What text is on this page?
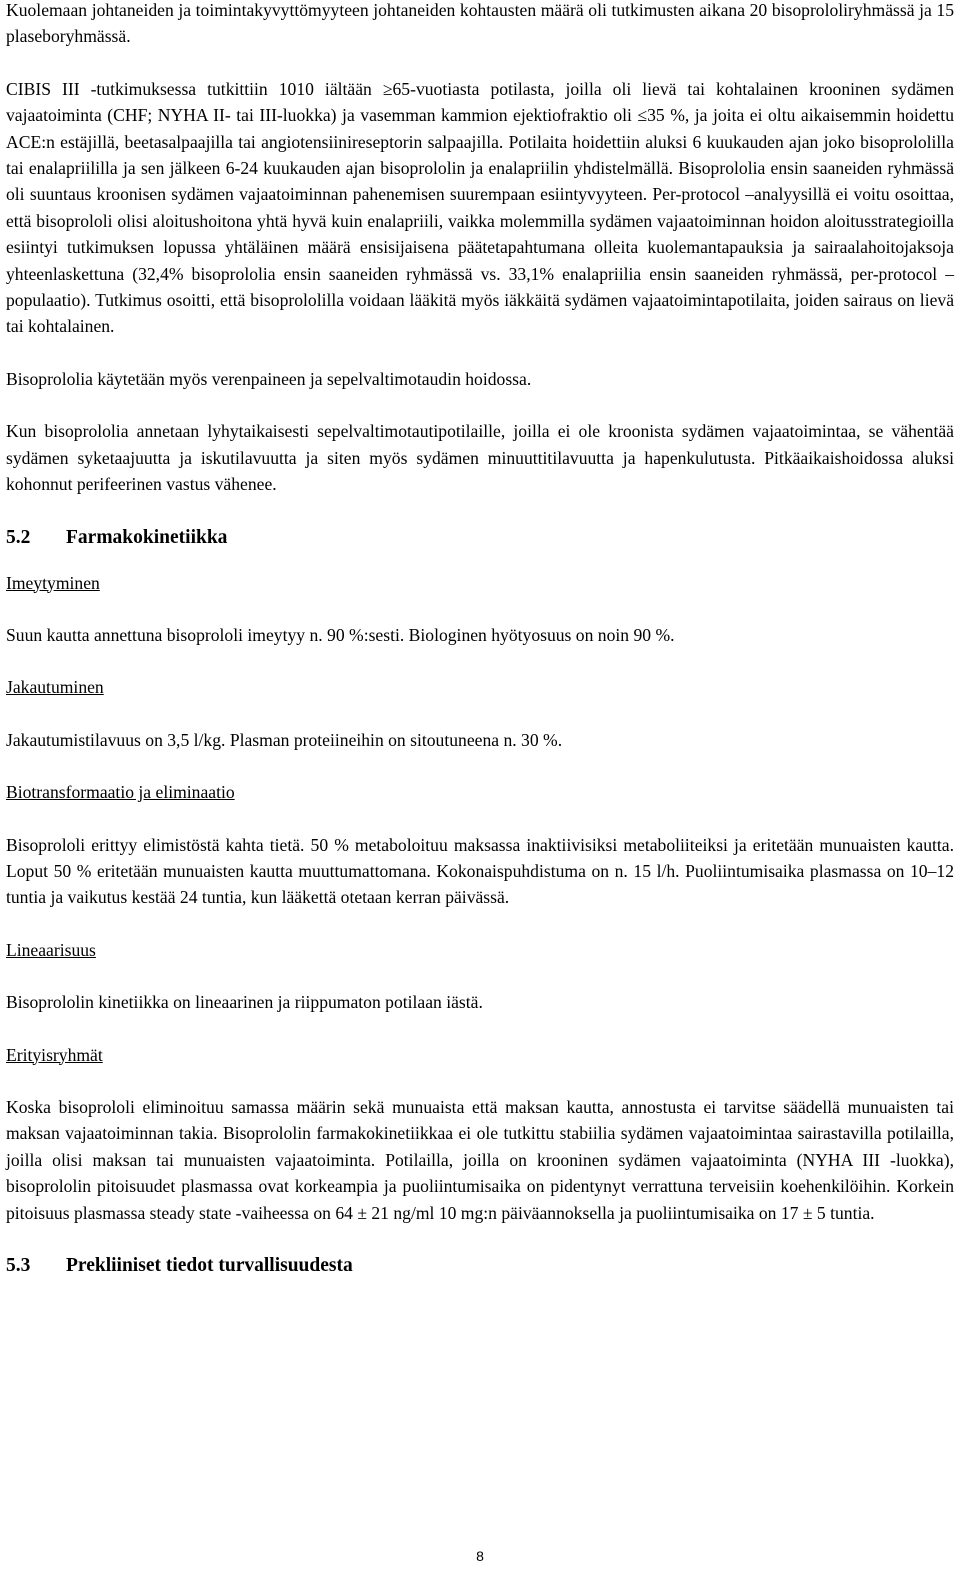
Kuolemaan johtaneiden ja toimintakyvyttömyyteen johtaneiden kohtausten määrä oli tutkimusten aikana 20 bisoprololiryhmässä ja 15 plaseboryhmässä.

CIBIS III -tutkimuksessa tutkittiin 1010 iältään ≥65-vuotiasta potilasta, joilla oli lievä tai kohtalainen krooninen sydämen vajaatoiminta (CHF; NYHA II- tai III-luokka) ja vasemman kammion ejektiofraktio oli ≤35 %, ja joita ei oltu aikaisemmin hoidettu ACE:n estäjillä, beetasalpaajilla tai angiotensiinireseptorin salpaajilla. Potilaita hoidettiin aluksi 6 kuukauden ajan joko bisoprololilla tai enalapriililla ja sen jälkeen 6-24 kuukauden ajan bisoprololin ja enalapriilin yhdistelmällä. Bisoprololia ensin saaneiden ryhmässä oli suuntaus kroonisen sydämen vajaatoiminnan pahenemisen suurempaan esiintyvyyteen. Per-protocol –analyysillä ei voitu osoittaa, että bisoprololi olisi aloitushoitona yhtä hyvä kuin enalapriili, vaikka molemmilla sydämen vajaatoiminnan hoidon aloitusstrategioilla esiintyi tutkimuksen lopussa yhtäläinen määrä ensisijaisena päätetapahtumana olleita kuolemantapauksia ja sairaalahoitojaksoja yhteenlaskettuna (32,4% bisoprololia ensin saaneiden ryhmässä vs. 33,1% enalapriilia ensin saaneiden ryhmässä, per-protocol –populaatio). Tutkimus osoitti, että bisoprololilla voidaan lääkitä myös iäkkäitä sydämen vajaatoimintapotilaita, joiden sairaus on lievä tai kohtalainen.

Bisoprololia käytetään myös verenpaineen ja sepelvaltimotaudin hoidossa.

Kun bisoprololia annetaan lyhytaikaisesti sepelvaltimotautipotilaille, joilla ei ole kroonista sydämen vajaatoimintaa, se vähentää sydämen syketaajuutta ja iskutilavuutta ja siten myös sydämen minuuttitilavuutta ja hapenkulutusta. Pitkäaikaishoidossa aluksi kohonnut perifeerinen vastus vähenee.

5.2 Farmakokinetiikka

Imeytyminen

Suun kautta annettuna bisoprololi imeytyy n. 90 %:sesti. Biologinen hyötyosuus on noin 90 %.

Jakautuminen

Jakautumistilavuus on 3,5 l/kg. Plasman proteiineihin on sitoutuneena n. 30 %.

Biotransformaatio ja eliminaatio

Bisoprololi erittyy elimistöstä kahta tietä. 50 % metaboloituu maksassa inaktiivisiksi metaboliiteiksi ja eritetään munuaisten kautta. Loput 50 % eritetään munuaisten kautta muuttumattomana. Kokonaispuhdistuma on n. 15 l/h. Puoliintumisaika plasmassa on 10–12 tuntia ja vaikutus kestää 24 tuntia, kun lääkettä otetaan kerran päivässä.

Lineaarisuus

Bisoprololin kinetiikka on lineaarinen ja riippumaton potilaan iästä.

Erityisryhmät

Koska bisoprololi eliminoituu samassa määrin sekä munuaista että maksan kautta, annostusta ei tarvitse säädellä munuaisten tai maksan vajaatoiminnan takia. Bisoprololin farmakokinetiikkaa ei ole tutkittu stabiilia sydämen vajaatoimintaa sairastavilla potilailla, joilla olisi maksan tai munuaisten vajaatoiminta. Potilailla, joilla on krooninen sydämen vajaatoiminta (NYHA III -luokka), bisoprololin pitoisuudet plasmassa ovat korkeampia ja puoliintumisaika on pidentynyt verrattuna terveisiin koehenkilöihin. Korkein pitoisuus plasmassa steady state -vaiheessa on 64 ± 21 ng/ml 10 mg:n päiväannoksella ja puoliintumisaika on 17 ± 5 tuntia.

5.3 Prekliiniset tiedot turvallisuudesta
8
